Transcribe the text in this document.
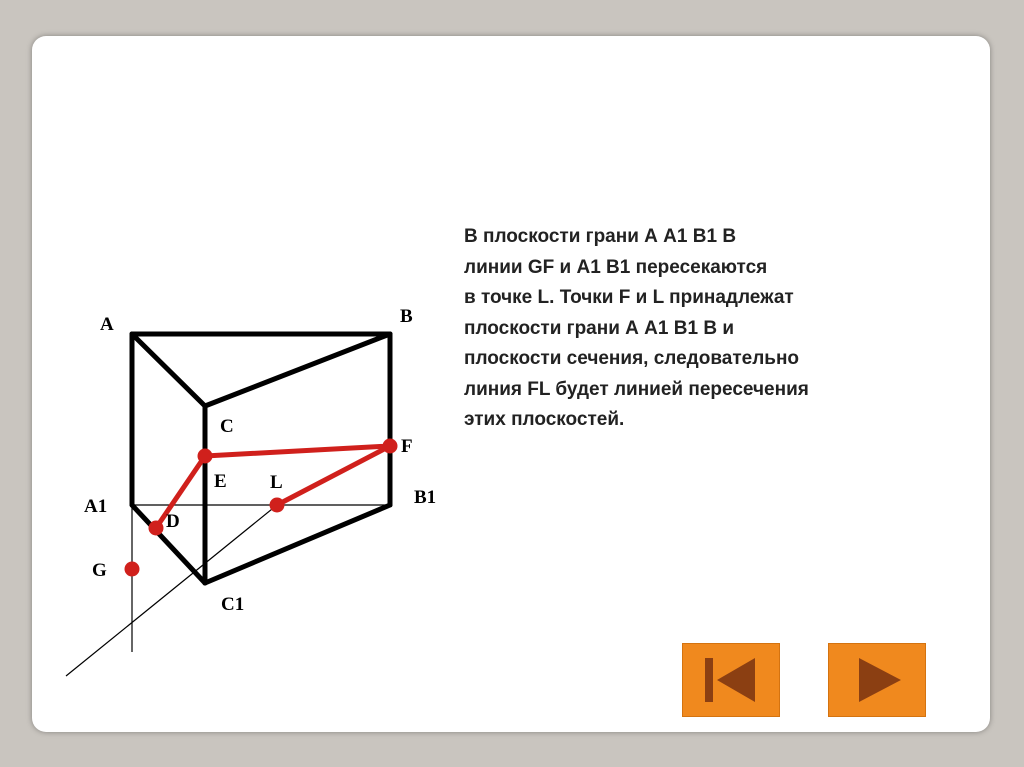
A	B
C
E
F
L
A1	B1
D
G
C1
В плоскости грани А А1 В1 В
линии GF и А1 В1 пересекаются
в точке L. Точки F и L принадлежат
плоскости грани А А1 В1 В и
плоскости сечения, следовательно
линия FL будет линией пересечения
этих плоскостей.
